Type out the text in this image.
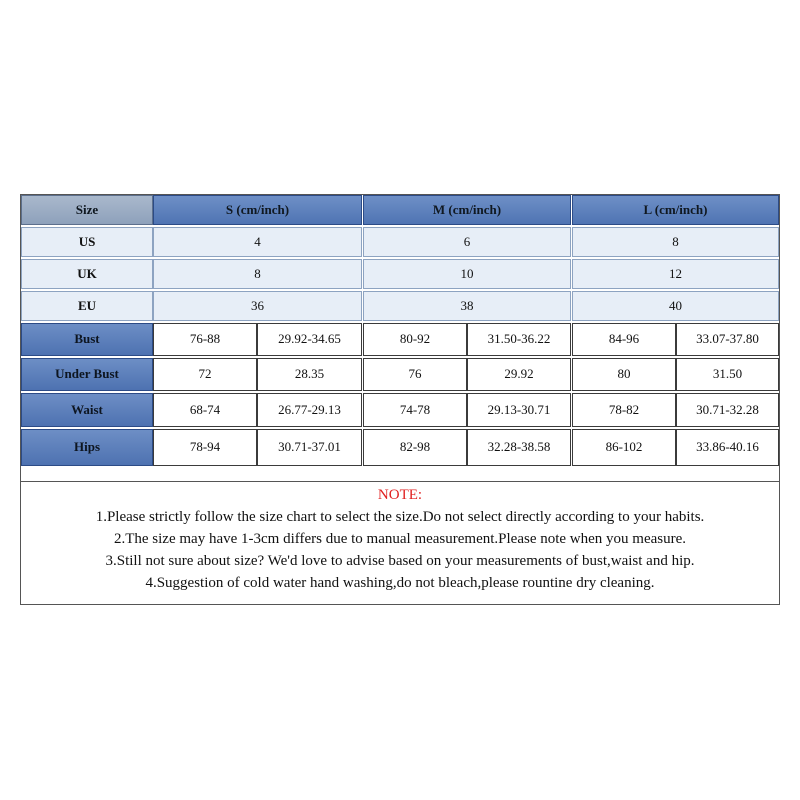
Size	S (cm/inch)	M (cm/inch)	L (cm/inch)
US	4	6	8
UK	8	10	12
EU	36	38	40
Bust	76-88	29.92-34.65	80-92	31.50-36.22	84-96	33.07-37.80
Under Bust	72	28.35	76	29.92	80	31.50
Waist	68-74	26.77-29.13	74-78	29.13-30.71	78-82	30.71-32.28
Hips	78-94	30.71-37.01	82-98	32.28-38.58	86-102	33.86-40.16
NOTE:
1.Please strictly follow the size chart to select the size.Do not select directly according to your habits.
2.The size may have 1-3cm differs due to manual measurement.Please note when you measure.
3.Still not sure about size? We'd love to advise based on your measurements of bust,waist and hip.
4.Suggestion of cold water hand washing,do not bleach,please rountine dry cleaning.
